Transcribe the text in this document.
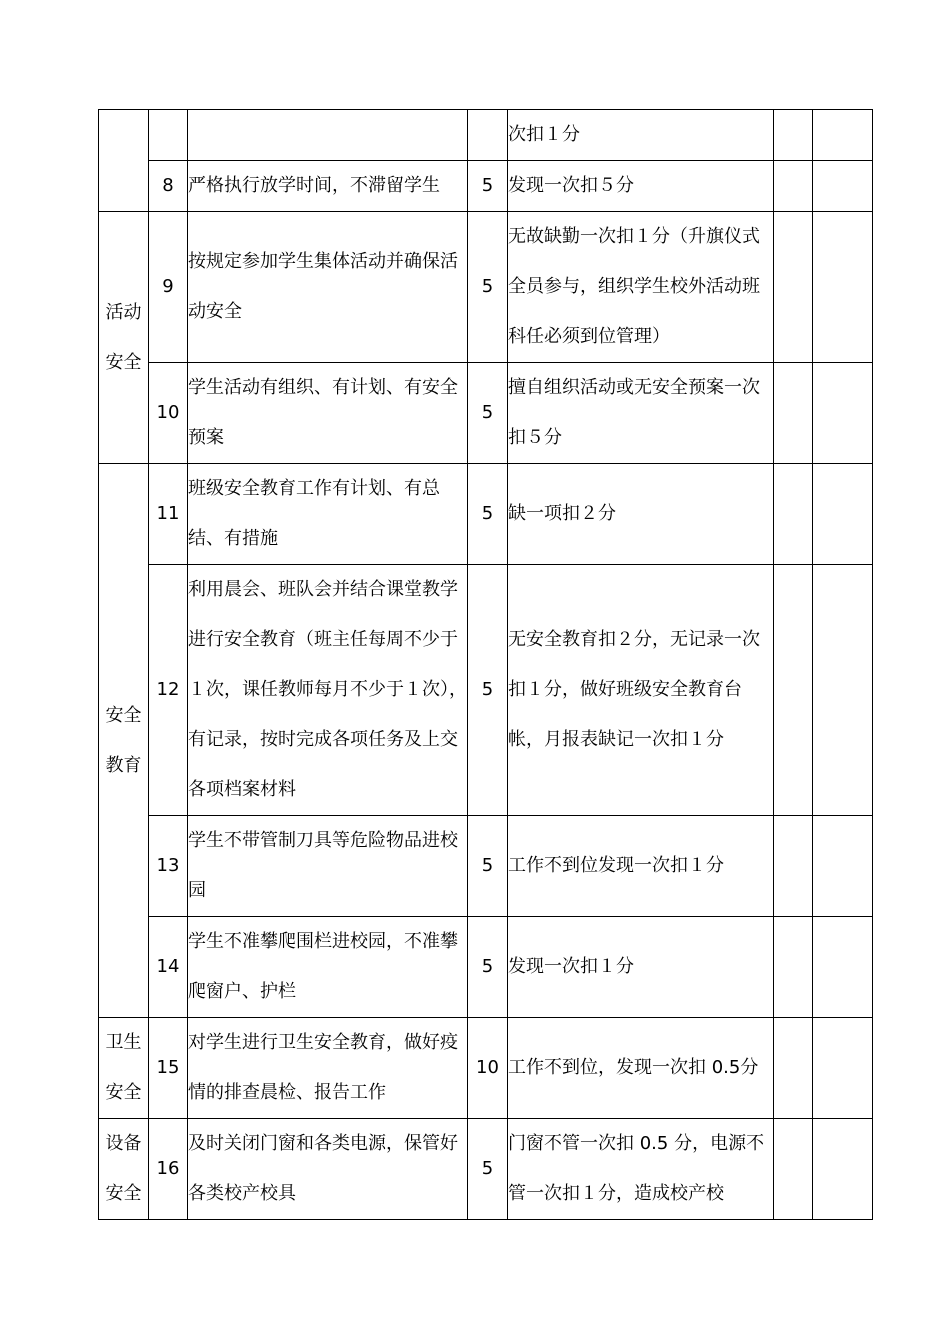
				次扣１分		
	8	严格执行放学时间，不滞留学生	5	发现一次扣５分		
活动安全	9	按规定参加学生集体活动并确保活动安全	5	无故缺勤一次扣１分（升旗仪式全员参与，组织学生校外活动班科任必须到位管理）		
	10	学生活动有组织、有计划、有安全预案	5	擅自组织活动或无安全预案一次扣５分		
安全教育	11	班级安全教育工作有计划、有总结、有措施	5	缺一项扣２分		
	12	利用晨会、班队会并结合课堂教学进行安全教育（班主任每周不少于１次，课任教师每月不少于１次），有记录，按时完成各项任务及上交各项档案材料	5	无安全教育扣２分，无记录一次扣１分，做好班级安全教育台帐，月报表缺记一次扣１分		
	13	学生不带管制刀具等危险物品进校园	5	工作不到位发现一次扣１分		
	14	学生不准攀爬围栏进校园，不准攀爬窗户、护栏	5	发现一次扣１分		
卫生安全	15	对学生进行卫生安全教育，做好疫情的排查晨检、报告工作	10	工作不到位，发现一次扣 0.5分		
设备安全	16	及时关闭门窗和各类电源，保管好各类校产校具	5	门窗不管一次扣 0.5 分，电源不管一次扣１分，造成校产校		
